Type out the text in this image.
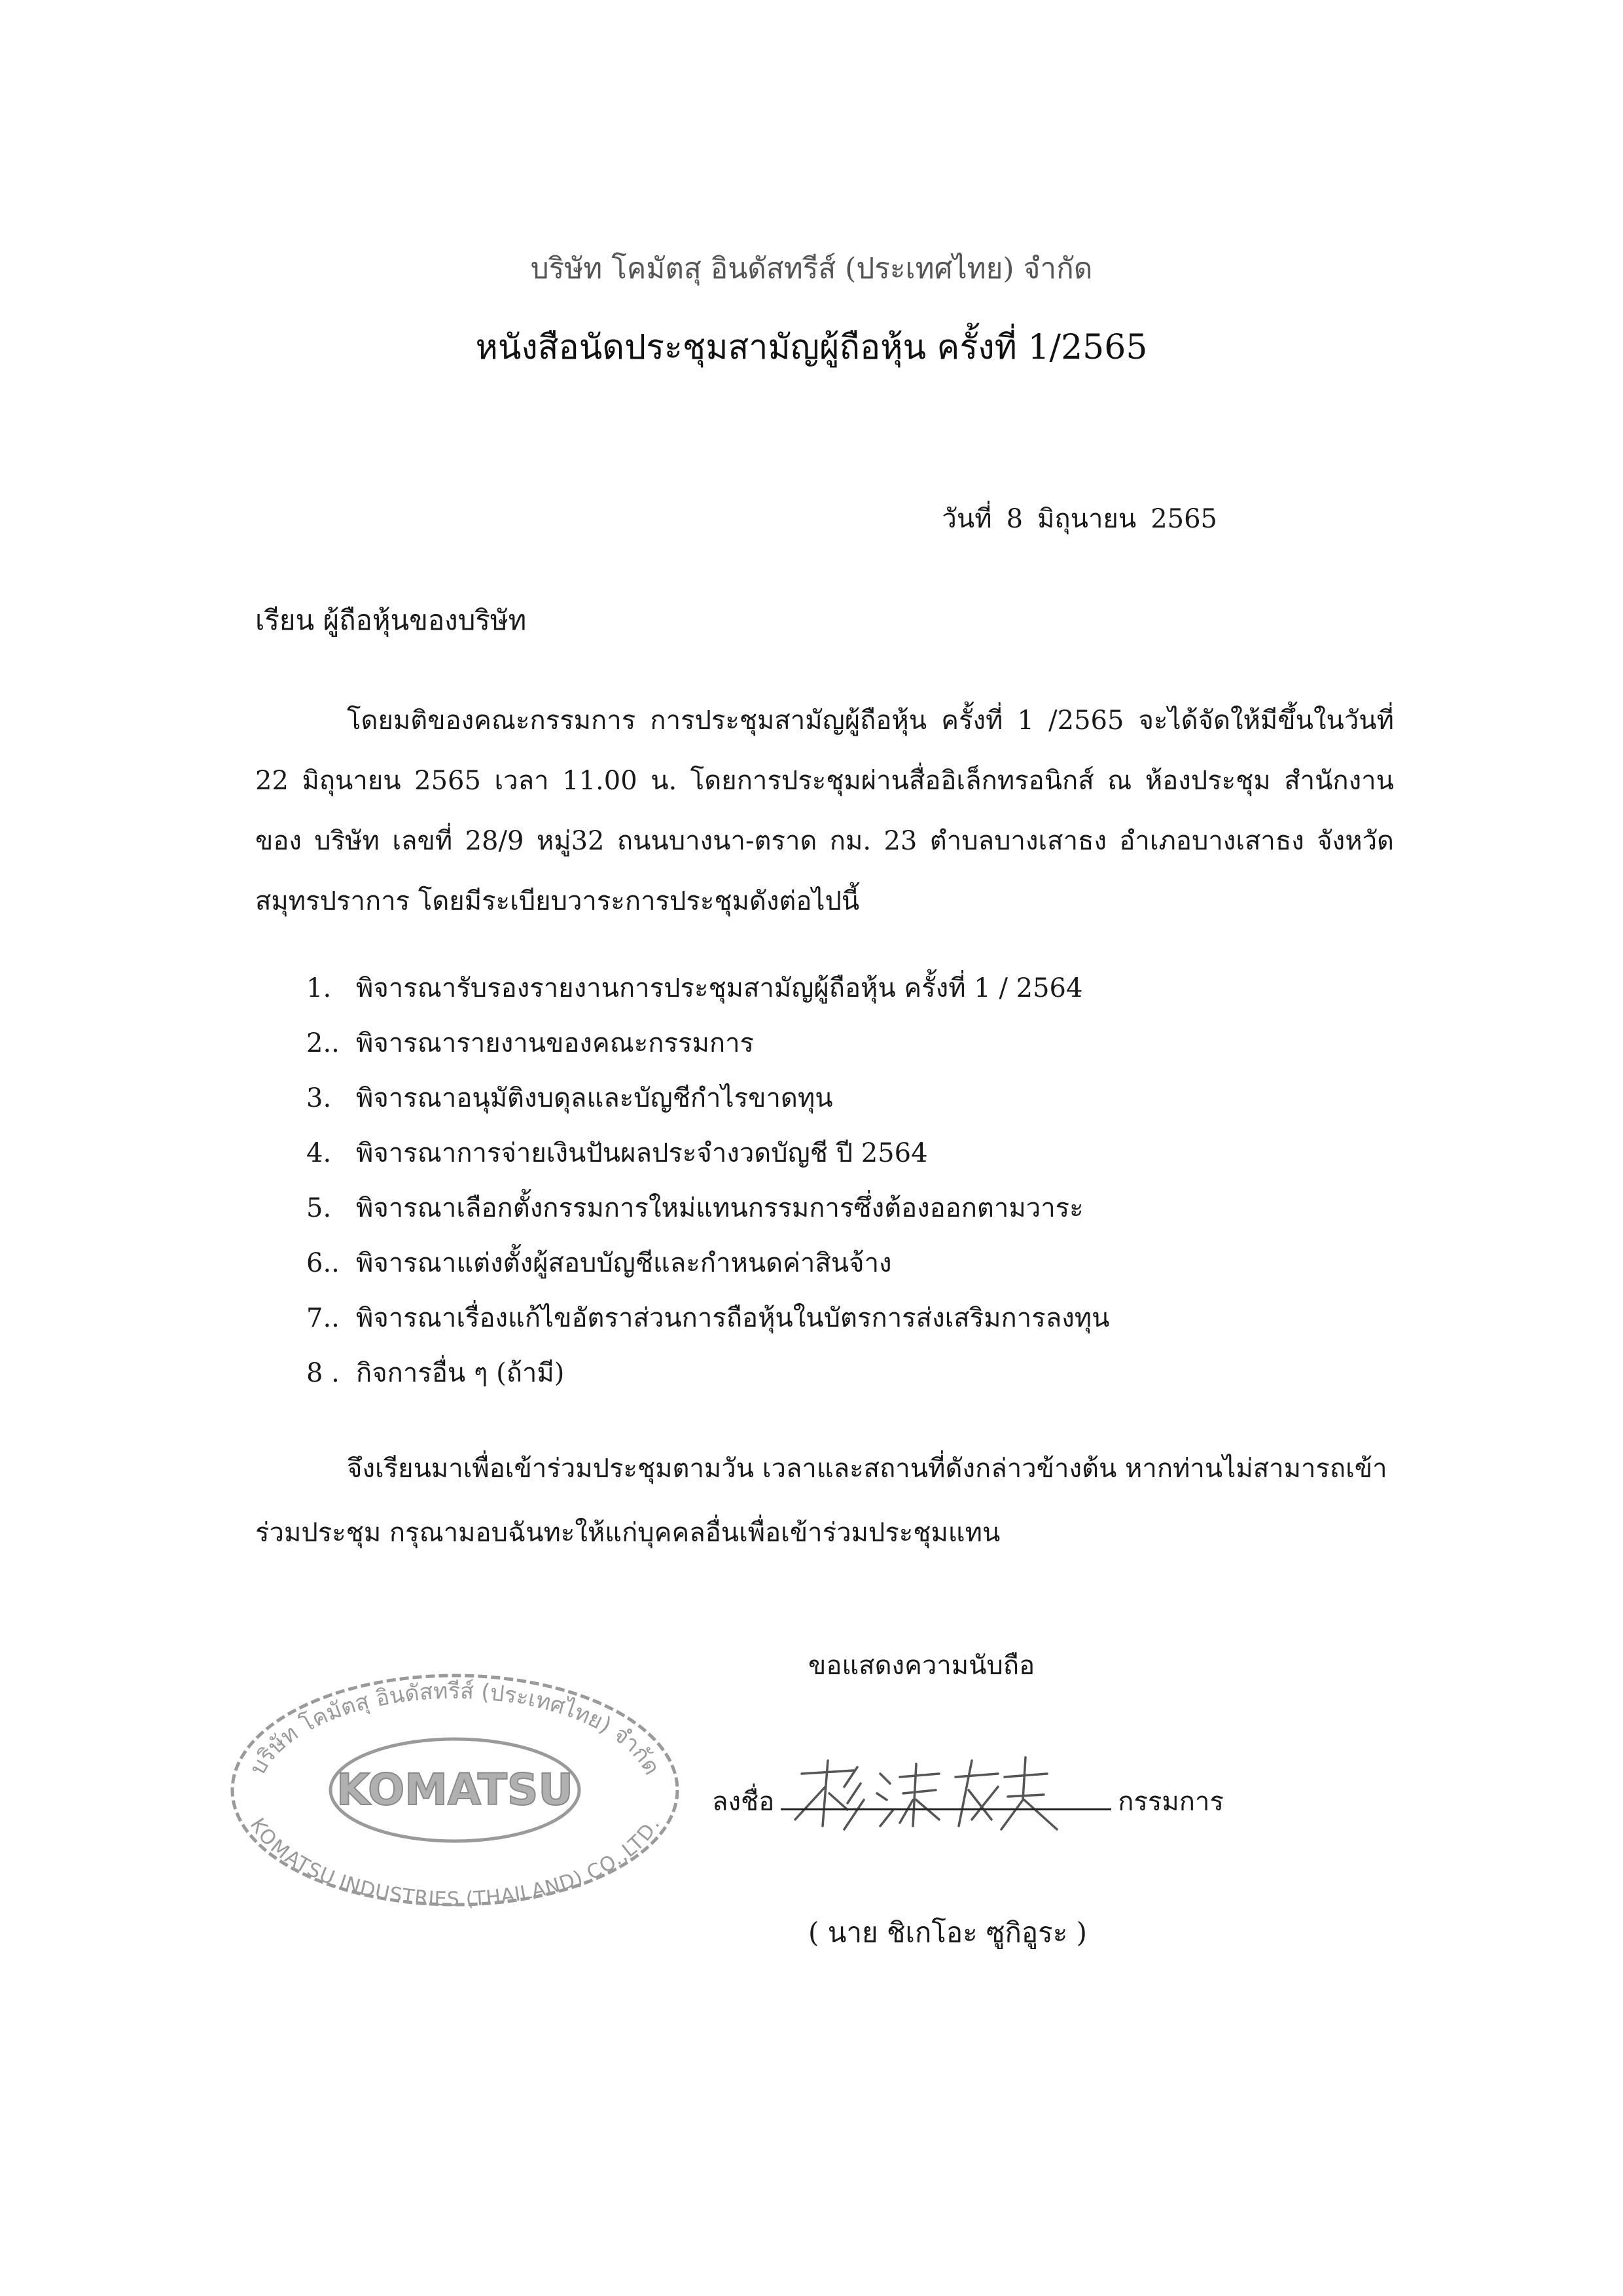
บริษัท โคมัตสุ อินดัสทรีส์ (ประเทศไทย) จำกัด
หนังสือนัดประชุมสามัญผู้ถือหุ้น ครั้งที่ 1/2565
วันที่ 8 มิถุนายน 2565
เรียน ผู้ถือหุ้นของบริษัท
โดยมติของคณะกรรมการ การประชุมสามัญผู้ถือหุ้น ครั้งที่ 1 /2565 จะได้จัดให้มีขึ้นในวันที่ 22 มิถุนายน 2565 เวลา 11.00 น. โดยการประชุมผ่านสื่ออิเล็กทรอนิกส์ ณ ห้องประชุม สำนักงานของ บริษัท เลขที่ 28/9 หมู่32 ถนนบางนา-ตราด กม. 23 ตำบลบางเสาธง อำเภอบางเสาธง จังหวัดสมุทรปราการ โดยมีระเบียบวาระการประชุมดังต่อไปนี้
1. พิจารณารับรองรายงานการประชุมสามัญผู้ถือหุ้น ครั้งที่ 1 / 2564
2.. พิจารณารายงานของคณะกรรมการ
3. พิจารณาอนุมัติงบดุลและบัญชีกำไรขาดทุน
4. พิจารณาการจ่ายเงินปันผลประจำงวดบัญชี ปี 2564
5. พิจารณาเลือกตั้งกรรมการใหม่แทนกรรมการซึ่งต้องออกตามวาระ
6.. พิจารณาแต่งตั้งผู้สอบบัญชีและกำหนดค่าสินจ้าง
7.. พิจารณาเรื่องแก้ไขอัตราส่วนการถือหุ้นในบัตรการส่งเสริมการลงทุน
8 . กิจการอื่น ๆ (ถ้ามี)
จึงเรียนมาเพื่อเข้าร่วมประชุมตามวัน เวลาและสถานที่ดังกล่าวข้างต้น หากท่านไม่สามารถเข้า ร่วมประชุม กรุณามอบฉันทะให้แก่บุคคลอื่นเพื่อเข้าร่วมประชุมแทน
ขอแสดงความนับถือ
บริษัท โคมัตสุ อินดัสทรีส์ (ประเทศไทย) จำกัด
KOMATSU
KOMATSU INDUSTRIES (THAILAND) CO.,LTD.
ลงชื่อ	กรรมการ
( นาย ชิเกโอะ ซูกิอูระ )
